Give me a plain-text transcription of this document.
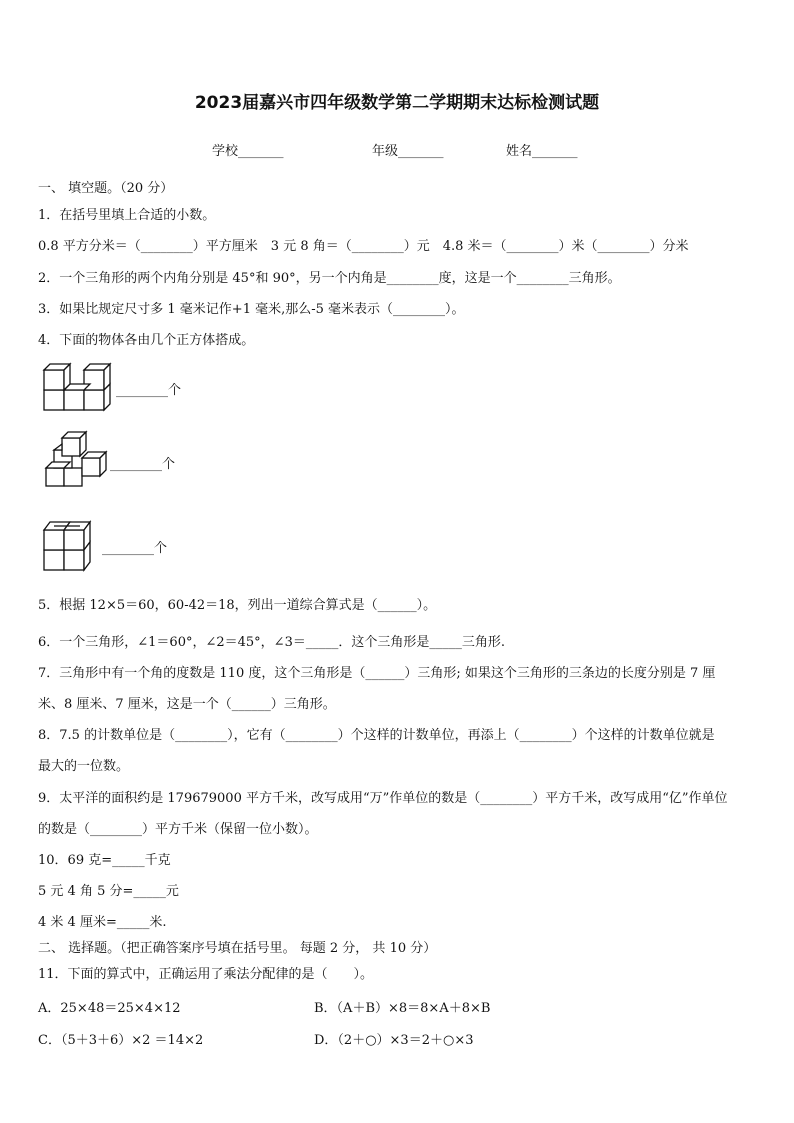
2023届嘉兴市四年级数学第二学期期末达标检测试题
学校_______	年级_______	姓名_______
一、 填空题。（20 分）
1．在括号里填上合适的小数。
0.8 平方分米＝（________）平方厘米　3 元 8 角＝（________）元　4.8 米＝（________）米（________）分米
2．一个三角形的两个内角分别是 45°和 90°，另一个内角是________度，这是一个________三角形。
3．如果比规定尺寸多 1 毫米记作+1 毫米,那么-5 毫米表示（________）。
4．下面的物体各由几个正方体搭成。
________个
________个
________个
5．根据 12×5＝60，60-42＝18，列出一道综合算式是（______）。
6．一个三角形，∠1＝60°，∠2＝45°，∠3＝_____．这个三角形是_____三角形.
7．三角形中有一个角的度数是 110 度，这个三角形是（______）三角形; 如果这个三角形的三条边的长度分别是 7 厘
米、8 厘米、7 厘米，这是一个（______）三角形。
8．7.5 的计数单位是（________），它有（________）个这样的计数单位，再添上（________）个这样的计数单位就是
最大的一位数。
9．太平洋的面积约是 179679000 平方千米，改写成用“万”作单位的数是（________）平方千米，改写成用“亿”作单位
的数是（________）平方千米（保留一位小数）。
10．69 克=_____千克
5 元 4 角 5 分=_____元
4 米 4 厘米=_____米.
二、 选择题。（把正确答案序号填在括号里。 每题 2 分， 共 10 分）
11．下面的算式中，正确运用了乘法分配律的是（　　）。
A．25×48＝25×4×12	B．（A＋B）×8＝8×A＋8×B
C．（5＋3＋6）×2 ＝14×2	D．（2＋○）×3＝2＋○×3
